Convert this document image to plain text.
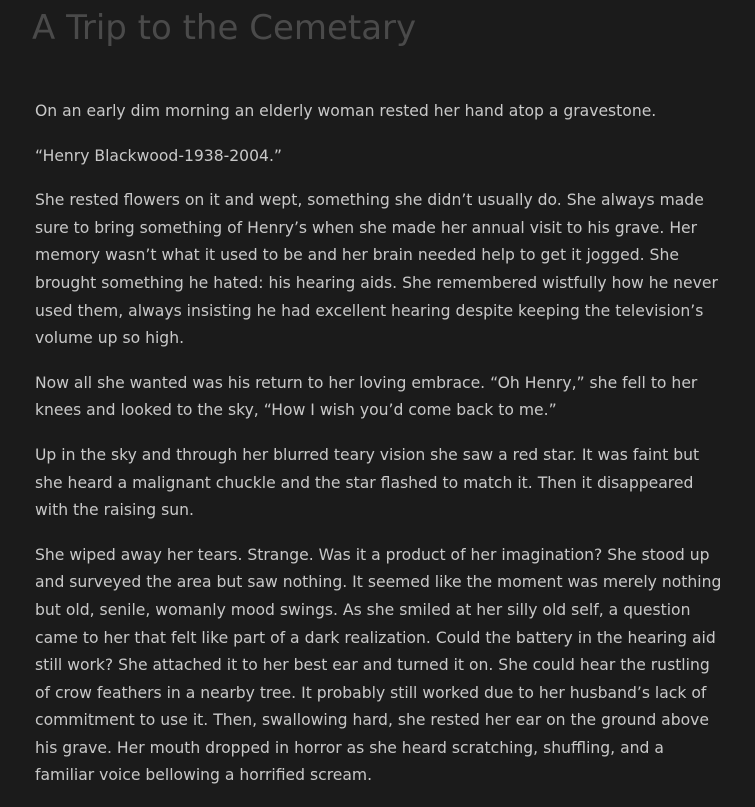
A Trip to the Cemetary

On an early dim morning an elderly woman rested her hand atop a gravestone.

“Henry Blackwood-1938-2004.”

She rested flowers on it and wept, something she didn’t usually do. She always made sure to bring something of Henry’s when she made her annual visit to his grave. Her memory wasn’t what it used to be and her brain needed help to get it jogged. She brought something he hated: his hearing aids. She remembered wistfully how he never used them, always insisting he had excellent hearing despite keeping the television’s volume up so high.

Now all she wanted was his return to her loving embrace. “Oh Henry,” she fell to her knees and looked to the sky, “How I wish you’d come back to me.”

Up in the sky and through her blurred teary vision she saw a red star. It was faint but she heard a malignant chuckle and the star flashed to match it. Then it disappeared with the raising sun.

She wiped away her tears. Strange. Was it a product of her imagination? She stood up and surveyed the area but saw nothing. It seemed like the moment was merely nothing but old, senile, womanly mood swings. As she smiled at her silly old self, a question came to her that felt like part of a dark realization. Could the battery in the hearing aid still work? She attached it to her best ear and turned it on. She could hear the rustling of crow feathers in a nearby tree. It probably still worked due to her husband’s lack of commitment to use it. Then, swallowing hard, she rested her ear on the ground above his grave. Her mouth dropped in horror as she heard scratching, shuffling, and a familiar voice bellowing a horrified scream.
